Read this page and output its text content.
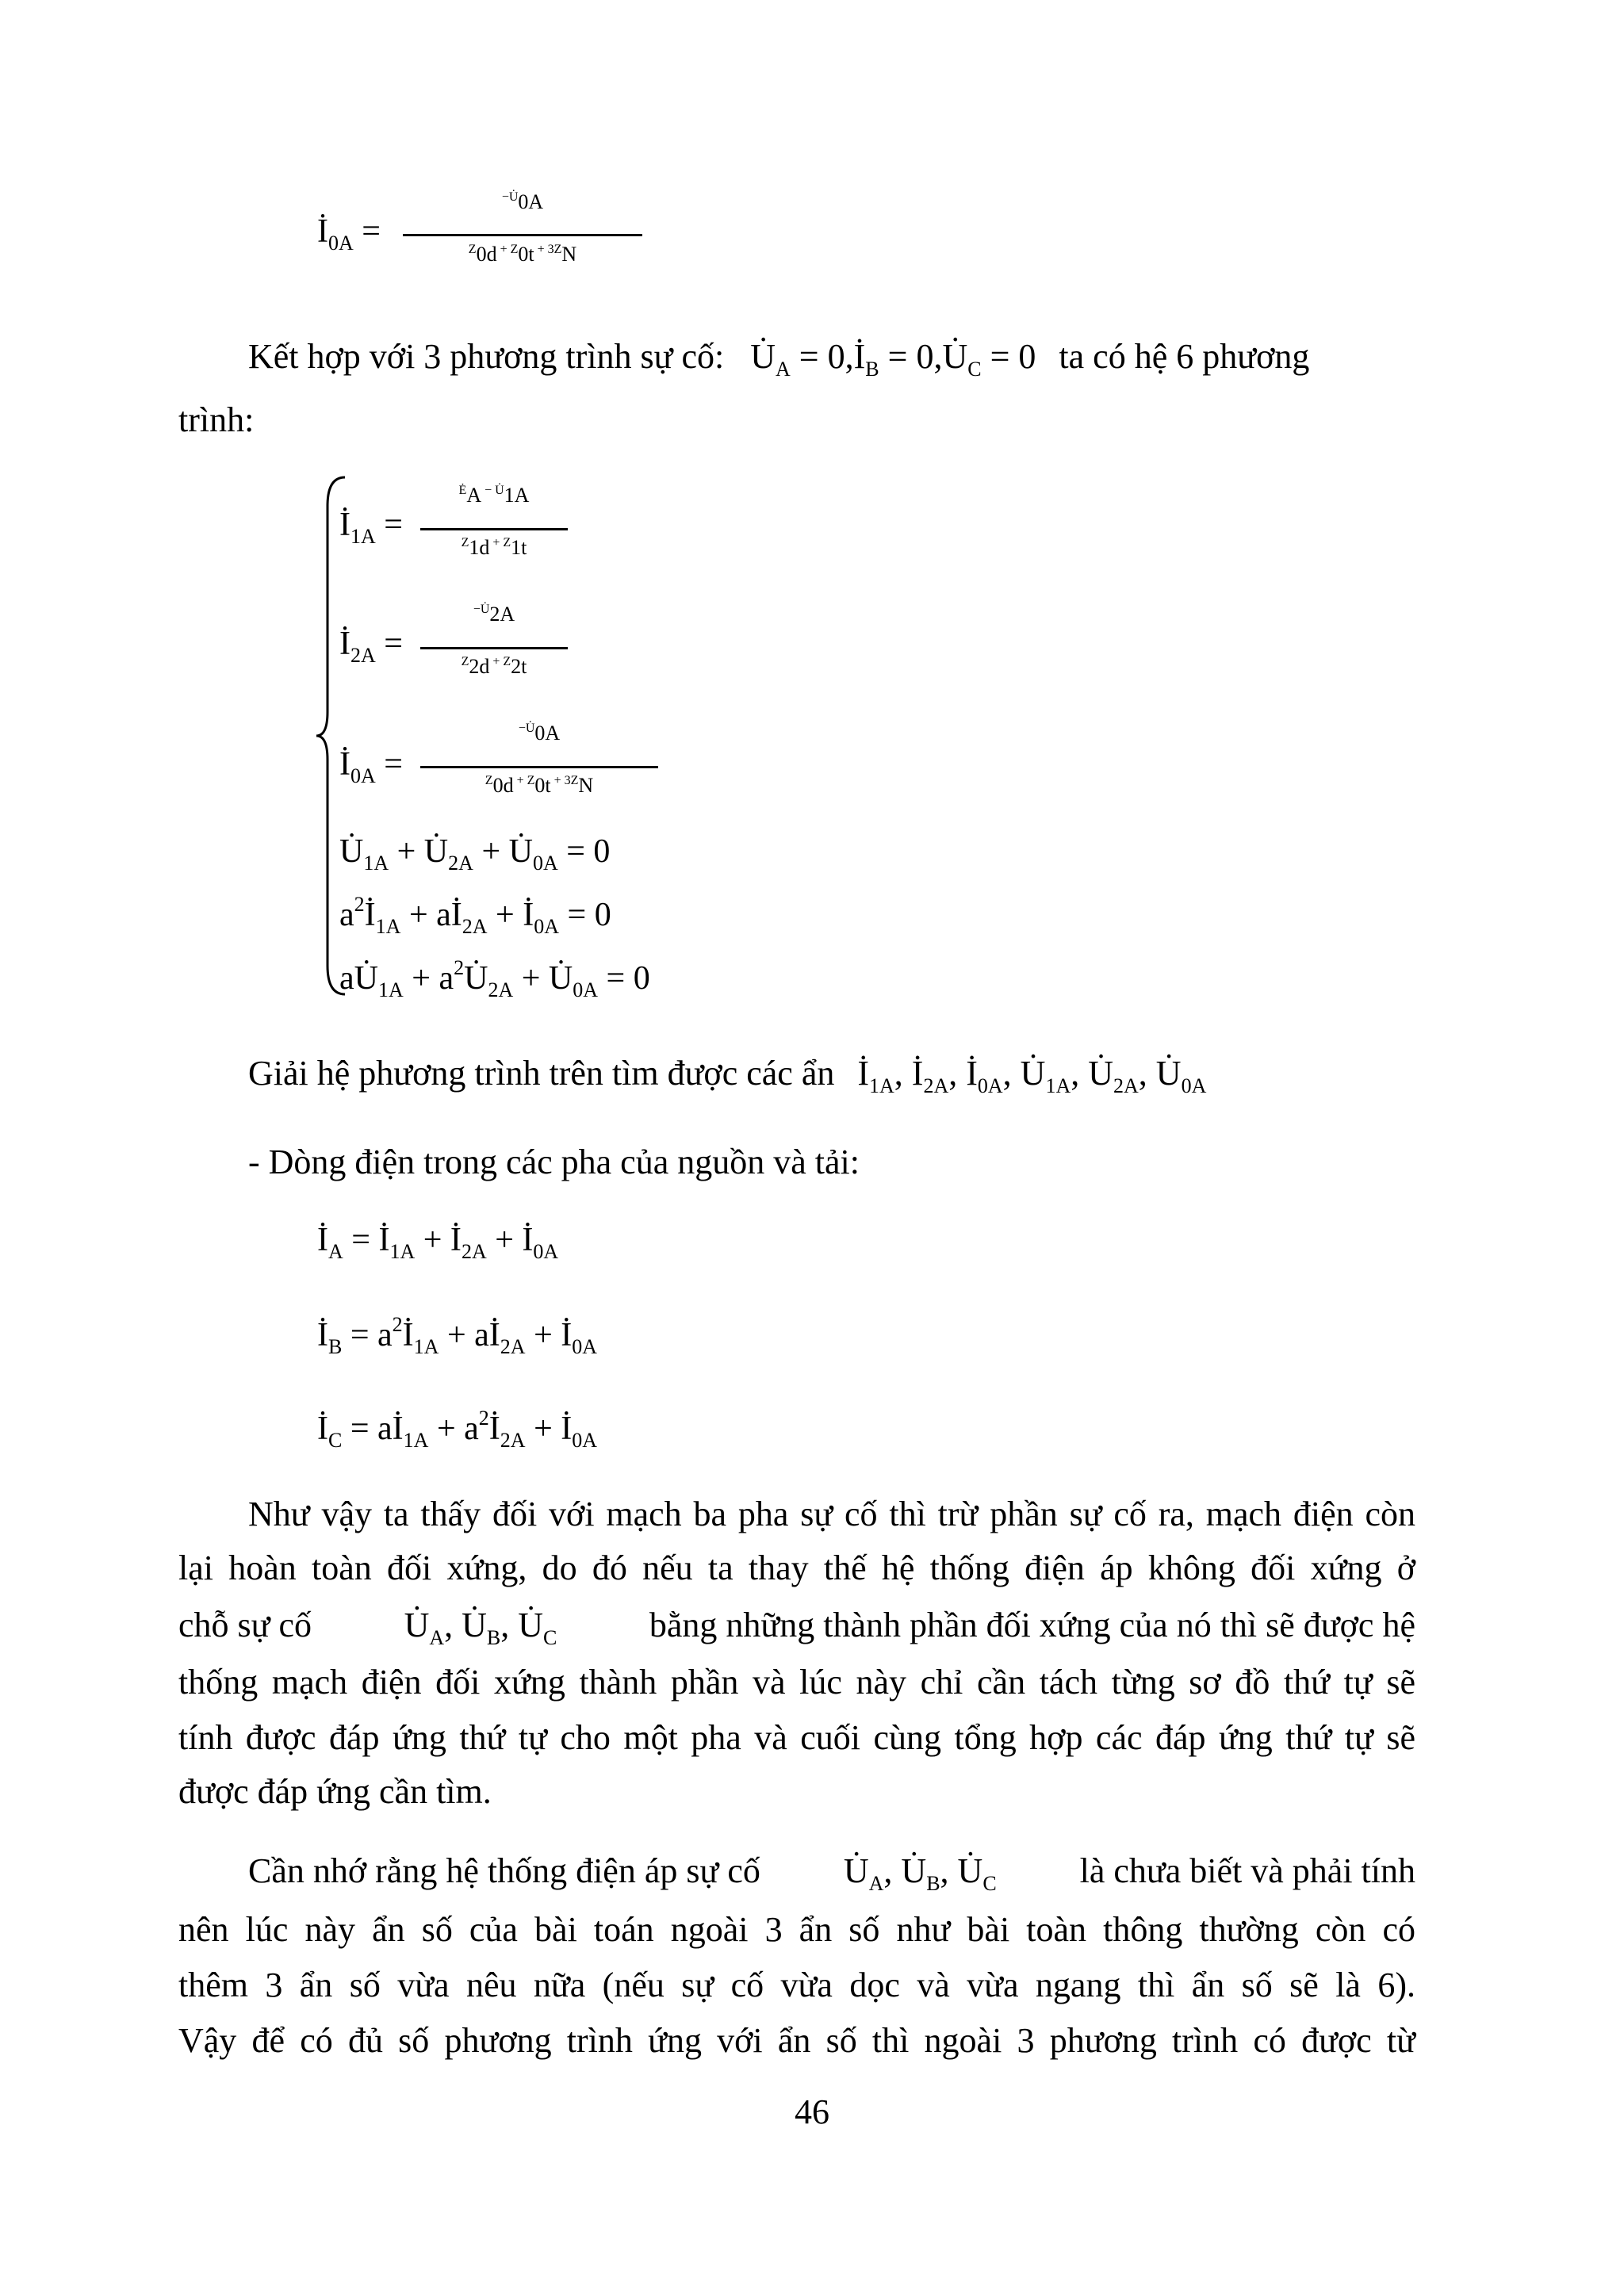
$İ_{0A}$ =
$-U̇_{0A}$
$Z_{0d} + Z_{0t} + 3Z_N$
Kết hợp với 3 phương trình sự cố: $U̇_A$ = $0,İ_B$ = $0,U̇_C = 0$ ta có hệ 6 phương
trình:
$İ_{1A}$ =
$Ė_A$ − $U̇_{1A}$
$Z_{1d} + Z_{1t}$
$İ_{2A}$ =
$-U̇_{2A}$
$Z_{2d} + Z_{2t}$
$İ_{0A}$ =
$-U̇_{0A}$
$Z_{0d} + Z_{0t} + 3Z_N$
$U̇_{1A}$ + $U̇_{2A}$ + $U̇_{0A} = 0$
$a^2İ_{1A}$ + $aİ_{2A}$ + $İ_{0A} = 0$
$aU̇_{1A}$ + $a^2U̇_{2A}$ + $U̇_{0A} = 0$
Giải hệ phương trình trên tìm được các ẩn $İ_{1A}$, $İ_{2A}$, $İ_{0A}$, $U̇_{1A}$, $U̇_{2A}$, $U̇_{0A}$
- Dòng điện trong các pha của nguồn và tải:
$İ_A$ = $İ_{1A}$ + $İ_{2A}$ + $İ_{0A}$
$İ_B$ = $a^2İ_{1A}$ + $aİ_{2A}$ + $İ_{0A}$
$İ_C$ = $aİ_{1A}$ + $a^2İ_{2A}$ + $İ_{0A}$
Như vậy ta thấy đối với mạch ba pha sự cố thì trừ phần sự cố ra, mạch điện còn
lại hoàn toàn đối xứng, do đó nếu ta thay thế hệ thống điện áp không đối xứng ở
chỗ sự cố	$U̇_A$, $U̇_B$, $U̇_C$	bằng những thành phần đối xứng của nó thì sẽ được hệ
thống mạch điện đối xứng thành phần và lúc này chỉ cần tách từng sơ đồ thứ tự sẽ
tính được đáp ứng thứ tự cho một pha và cuối cùng tổng hợp các đáp ứng thứ tự sẽ
được đáp ứng cần tìm.
Cần nhớ rằng hệ thống điện áp sự cố $U̇_A$, $U̇_B$, $U̇_C$ là chưa biết và phải tính
nên lúc này ẩn số của bài toán ngoài 3 ẩn số như bài toàn thông thường còn có
thêm 3 ẩn số vừa nêu nữa (nếu sự cố vừa dọc và vừa ngang thì ẩn số sẽ là 6).
Vậy để có đủ số phương trình ứng với ẩn số thì ngoài 3 phương trình có được từ
46
